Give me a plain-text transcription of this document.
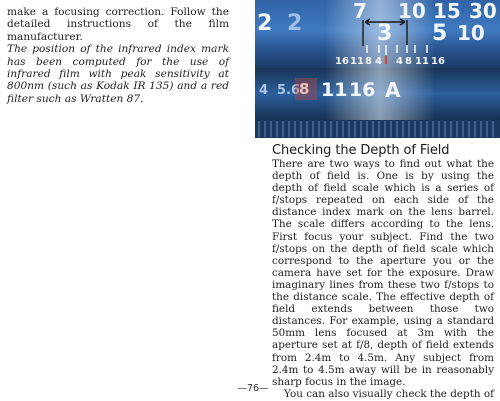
make a focusing correction. Follow the detailed instructions of the film manufacturer.

The position of the infrared index mark has been computed for the use of infrared film with peak sensitivity at 800nm (such as Kodak IR 135) and a red filter such as Wratten 87.

7 10 15 30
2 2	3 5 10
16 11 8 4 4 8 11 16
4 5.6
8 11 16 A
Checking the Depth of Field

There are two ways to find out what the depth of field is. One is by using the depth of field scale which is a series of f/stops repeated on each side of the distance index mark on the lens barrel. The scale differs according to the lens. First focus your subject. Find the two f/stops on the depth of field scale which correspond to the aperture you or the camera have set for the exposure. Draw imaginary lines from these two f/stops to the distance scale. The effective depth of field extends between those two distances. For example, using a standard 50mm lens focused at 3m with the aperture set at f/8, depth of field extends from 2.4m to 4.5m. Any subject from 2.4m to 4.5m away will be in reasonably sharp focus in the image.

You can also visually check the depth of

—76—
